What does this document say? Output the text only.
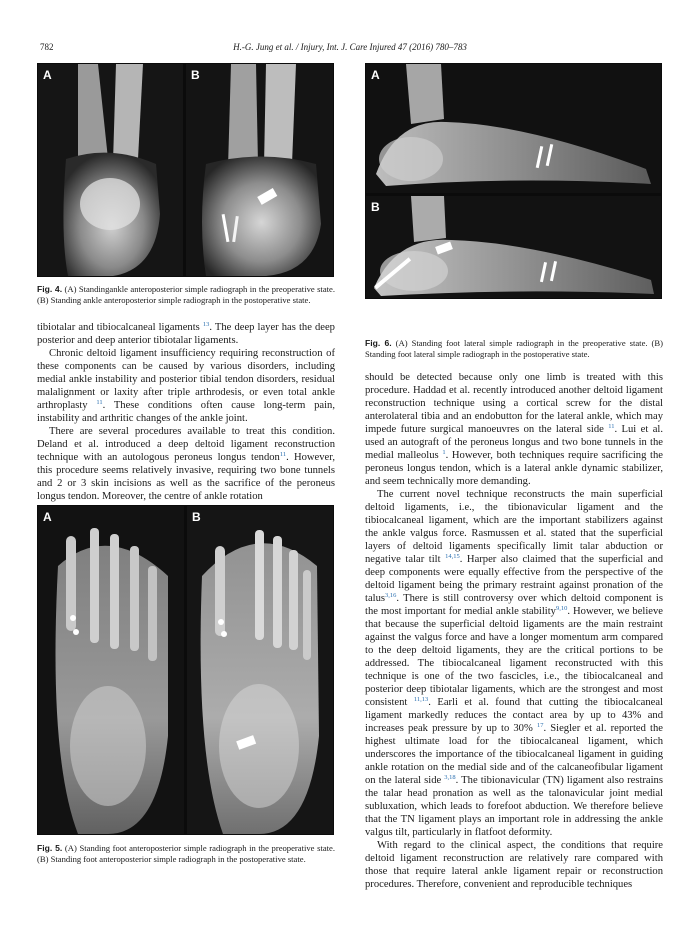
782	H.-G. Jung et al. / Injury, Int. J. Care Injured 47 (2016) 780–783
A	B
Fig. 4. (A) Standingankle anteroposterior simple radiograph in the preoperative state. (B) Standing ankle anteroposterior simple radiograph in the postoperative state.
A	B
Fig. 5. (A) Standing foot anteroposterior simple radiograph in the preoperative state. (B) Standing foot anteroposterior simple radiograph in the postoperative state.
A
B
Fig. 6. (A) Standing foot lateral simple radiograph in the preoperative state. (B) Standing foot lateral simple radiograph in the postoperative state.

tibiotalar and tibiocalcaneal ligaments $^{13}$. The deep layer has the deep posterior and deep anterior tibiotalar ligaments.

Chronic deltoid ligament insufficiency requiring reconstruction of these components can be caused by various disorders, including medial ankle instability and posterior tibial tendon disorders, residual malalignment or laxity after triple arthrodesis, or even total ankle arthroplasty $^{11}$. These conditions often cause long-term pain, instability and arthritic changes of the ankle joint.

There are several procedures available to treat this condition. Deland et al. introduced a deep deltoid ligament reconstruction technique with an autologous peroneus longus tendon$^{11}$. However, this procedure seems relatively invasive, requiring two bone tunnels and 2 or 3 skin incisions as well as the sacrifice of the peroneus longus tendon. Moreover, the centre of ankle rotation

should be detected because only one limb is treated with this procedure. Haddad et al. recently introduced another deltoid ligament reconstruction technique using a cortical screw for the distal anterolateral tibia and an endobutton for the lateral ankle, which may impede future surgical manoeuvres on the lateral side $^{11}$. Lui et al. used an autograft of the peroneus longus and two bone tunnels in the medial malleolus $^1$. However, both techniques require sacrificing the peroneus longus tendon, which is a lateral ankle dynamic stabilizer, and seem technically more demanding.

The current novel technique reconstructs the main superficial deltoid ligaments, i.e., the tibionavicular ligament and the tibiocalcaneal ligament, which are the important stabilizers against the ankle valgus force. Rasmussen et al. stated that the superficial layers of deltoid ligaments specifically limit talar abduction or negative talar tilt $^{14,15}$. Harper also claimed that the superficial and deep components were equally effective from the perspective of the deltoid ligament being the primary restraint against pronation of the talus$^{3,16}$. There is still controversy over which deltoid component is the most important for medial ankle stability$^{9,10}$. However, we believe that because the superficial deltoid ligaments are the main restraint against the valgus force and have a longer momentum arm compared to the deep deltoid ligaments, they are the critical portions to be addressed. The tibiocalcaneal ligament reconstructed with this technique is one of the two fascicles, i.e., the tibiocalcaneal and posterior deep tibiotalar ligaments, which are the strongest and most consistent $^{11,13}$. Earli et al. found that cutting the tibiocalcaneal ligament markedly reduces the contact area by up to 43% and increases peak pressure by up to 30% $^{17}$. Siegler et al. reported the highest ultimate load for the tibiocalcaneal ligament, which underscores the importance of the tibiocalcaneal ligament in guiding ankle rotation on the medial side and of the calcaneofibular ligament on the lateral side $^{3,18}$. The tibionavicular (TN) ligament also restrains the talar head pronation as well as the talonavicular joint medial subluxation, which leads to forefoot abduction. We therefore believe that the TN ligament plays an important role in addressing the ankle valgus tilt, particularly in flatfoot deformity.

With regard to the clinical aspect, the conditions that require deltoid ligament reconstruction are relatively rare compared with those that require lateral ankle ligament repair or reconstruction procedures. Therefore, convenient and reproducible techniques
